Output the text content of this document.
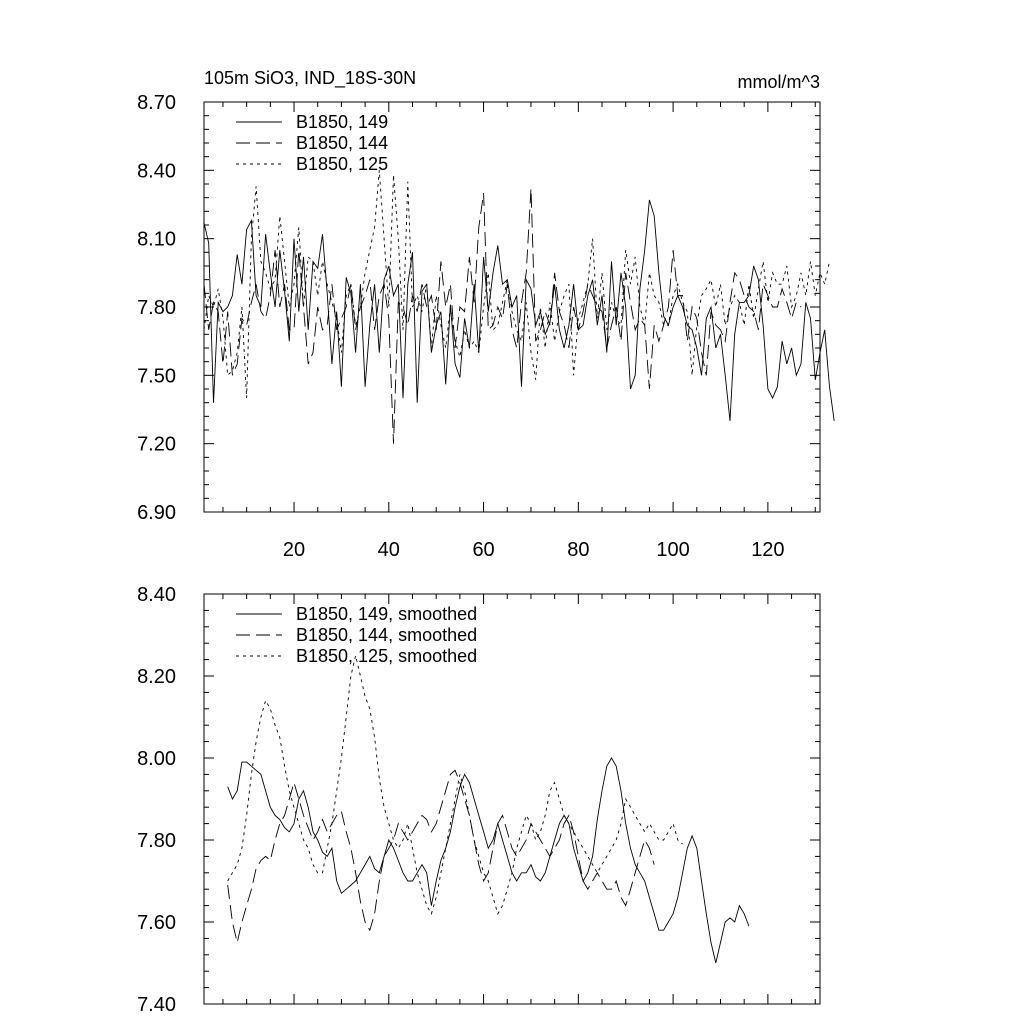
105m SiO3, IND_18S-30N	mmol/m^3
6.90
7.20
7.50
7.80
8.10
8.40
8.70
20	40	60	80	100	120
B1850, 149
B1850, 144
B1850, 125
7.40
7.60
7.80
8.00
8.20
8.40
B1850, 149, smoothed
B1850, 144, smoothed
B1850, 125, smoothed
